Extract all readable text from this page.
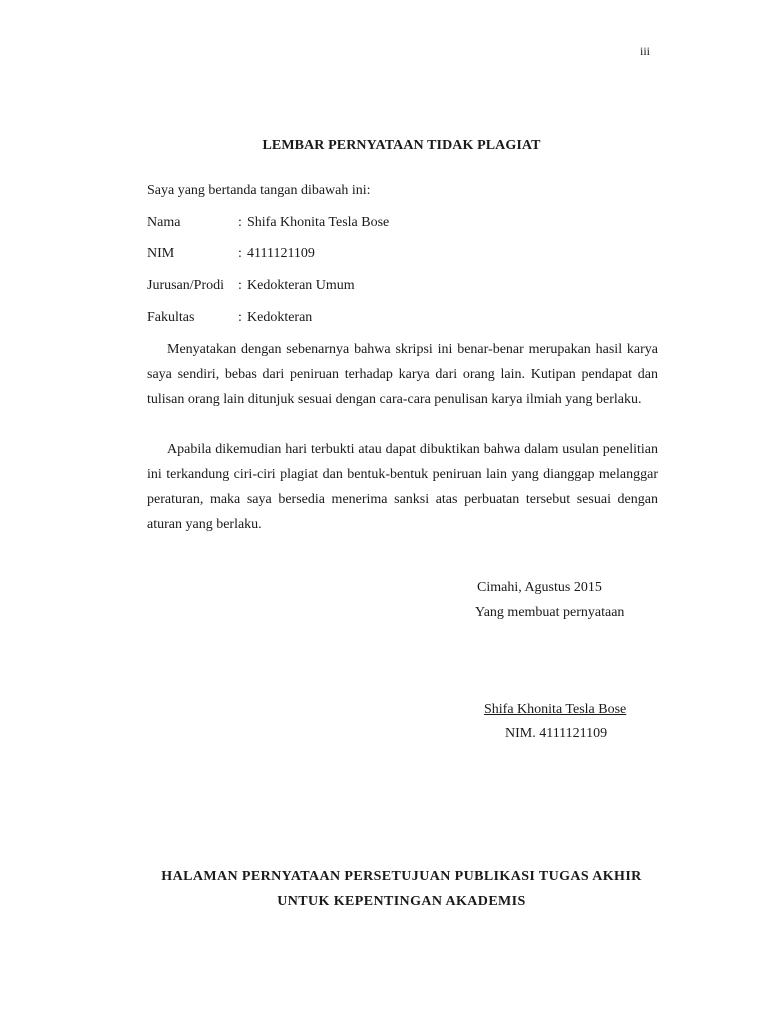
iii
LEMBAR PERNYATAAN TIDAK PLAGIAT
Saya yang bertanda tangan dibawah ini:
Nama	: Shifa Khonita Tesla Bose
NIM	: 4111121109
Jurusan/Prodi : Kedokteran Umum
Fakultas	: Kedokteran

Menyatakan dengan sebenarnya bahwa skripsi ini benar-benar merupakan hasil karya saya sendiri, bebas dari peniruan terhadap karya dari orang lain. Kutipan pendapat dan tulisan orang lain ditunjuk sesuai dengan cara-cara penulisan karya ilmiah yang berlaku.

Apabila dikemudian hari terbukti atau dapat dibuktikan bahwa dalam usulan penelitian ini terkandung ciri-ciri plagiat dan bentuk-bentuk peniruan lain yang dianggap melanggar peraturan, maka saya bersedia menerima sanksi atas perbuatan tersebut sesuai dengan aturan yang berlaku.

Cimahi, Agustus 2015
Yang membuat pernyataan
Shifa Khonita Tesla Bose
NIM. 4111121109
HALAMAN PERNYATAAN PERSETUJUAN PUBLIKASI TUGAS AKHIR
UNTUK KEPENTINGAN AKADEMIS
